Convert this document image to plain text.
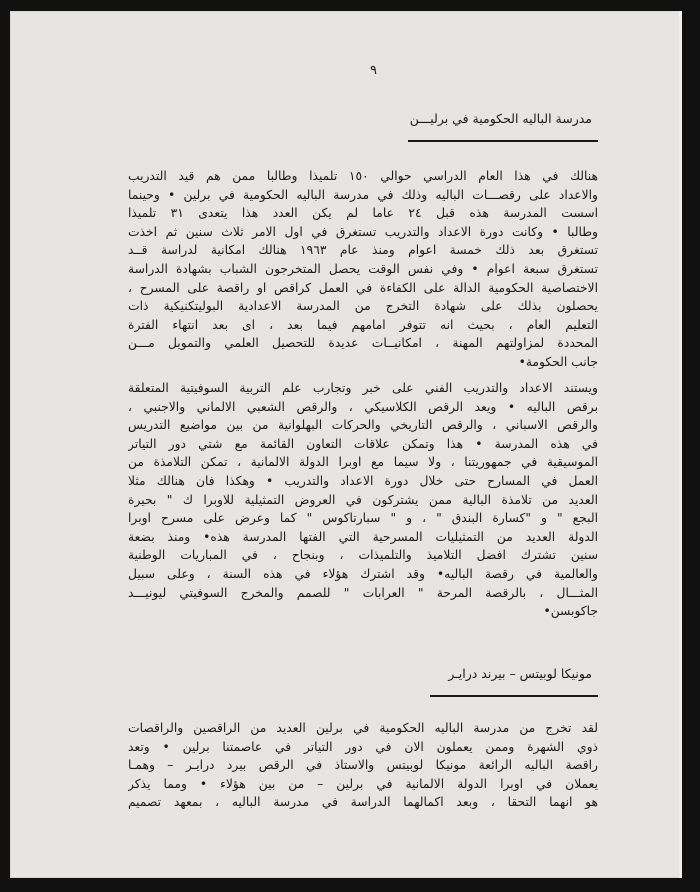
٩
مدرسة الباليه الحكومية في برليـــن
هنالك في هذا العام الدراسي حوالي ١٥٠ تلميذا وطالبا ممن هم قيد التدريب
والاعداد على رقصـــات الباليه وذلك في مدرسة الباليه الحكومية في برلين • وحينما
اسست المدرسة هذه قبل ٢٤ عاما لم يكن العدد هذا يتعدى ٣١ تلميذا
وطالبا • وكانت دورة الاعداد والتدريب تستغرق في اول الامر ثلاث سنين ثم اخذت
تستغرق بعد ذلك خمسة اعوام ومنذ عام ١٩٦٣ هنالك امكانية لدراسة قــد
تستغرق سبعة اعوام • وفي نفس الوقت يحصل المتخرجون الشباب بشهادة الدراسة
الاختصاصية الحكومية الدالة على الكفاءة في العمل كراقص او راقصة على المسرح ،
يحصلون بذلك على شهادة التخرج من المدرسة الاعدادية البوليتكنيكية ذات
التعليم العام ، بحيث انه تتوفر امامهم فيما بعد ، اى بعد انتهاء الفترة
المحددة لمزاولتهم المهنة ، امكانيــات عديدة للتحصيل العلمي والتمويل مـــن
جانب الحكومة•
ويستند الاعداد والتدريب الفني على خبر وتجارب علم التربية السوفيتية المتعلقة
برقص الباليه • ويعد الرقص الكلاسيكي ، والرقص الشعبي الالماني والاجنبي ،
والرقص الاسباني ، والرقص التاريخي والحركات البهلوانية من بين مواضيع التدريس
في هذه المدرسة • هذا وتمكن علاقات التعاون القائمة مع شتي دور التياتر
الموسيقية في جمهوريتنا ، ولا سيما مع اوبرا الدولة الالمانية ، تمكن التلامذة من
العمل في المسارح حتى خلال دورة الاعداد والتدريب • وهكذا فان هنالك مثلا
العديد من تلامذة البالية ممن يشتركون في العروض التمثيلية للاوبرا ك " بحيرة
البجع " و "كسارة البندق " ، و " سبارتاكوس " كما وعرض على مسرح اوبرا
الدولة العديد من التمثيليات المسرحية التي الفتها المدرسة هذه• ومنذ بضعة
سنين تشترك افضل التلاميذ والتلميذات ، وبنجاح ، في المباريات الوطنية
والعالمية في رقصة الباليه• وقد اشترك هؤلاء في هذه السنة ، وعلى سبيل
المثـــال ، بالرقصة المرحة " العرابات " للصمم والمخرج السوفيتي ليونيـــد
جاكوبسن•
مونيكا لوبيتس – بيرند درايـر
لقد تخرج من مدرسة الباليه الحكومية في برلين العديد من الراقصين والراقصات
ذوي الشهرة وممن يعملون الان في دور التياتر في عاصمتنا برلين • وتعد
راقصة الباليه الرائعة مونيكا لوبيتس والاستاذ في الرقص بيرد درايـر – وهمـا
يعملان في اوبرا الدولة الالمانية في برلين – من بين هؤلاء • ومما يذكر
هو انهما التحقا ، وبعد اكمالهما الدراسة في مدرسة الباليه ، بمعهد تصميم
